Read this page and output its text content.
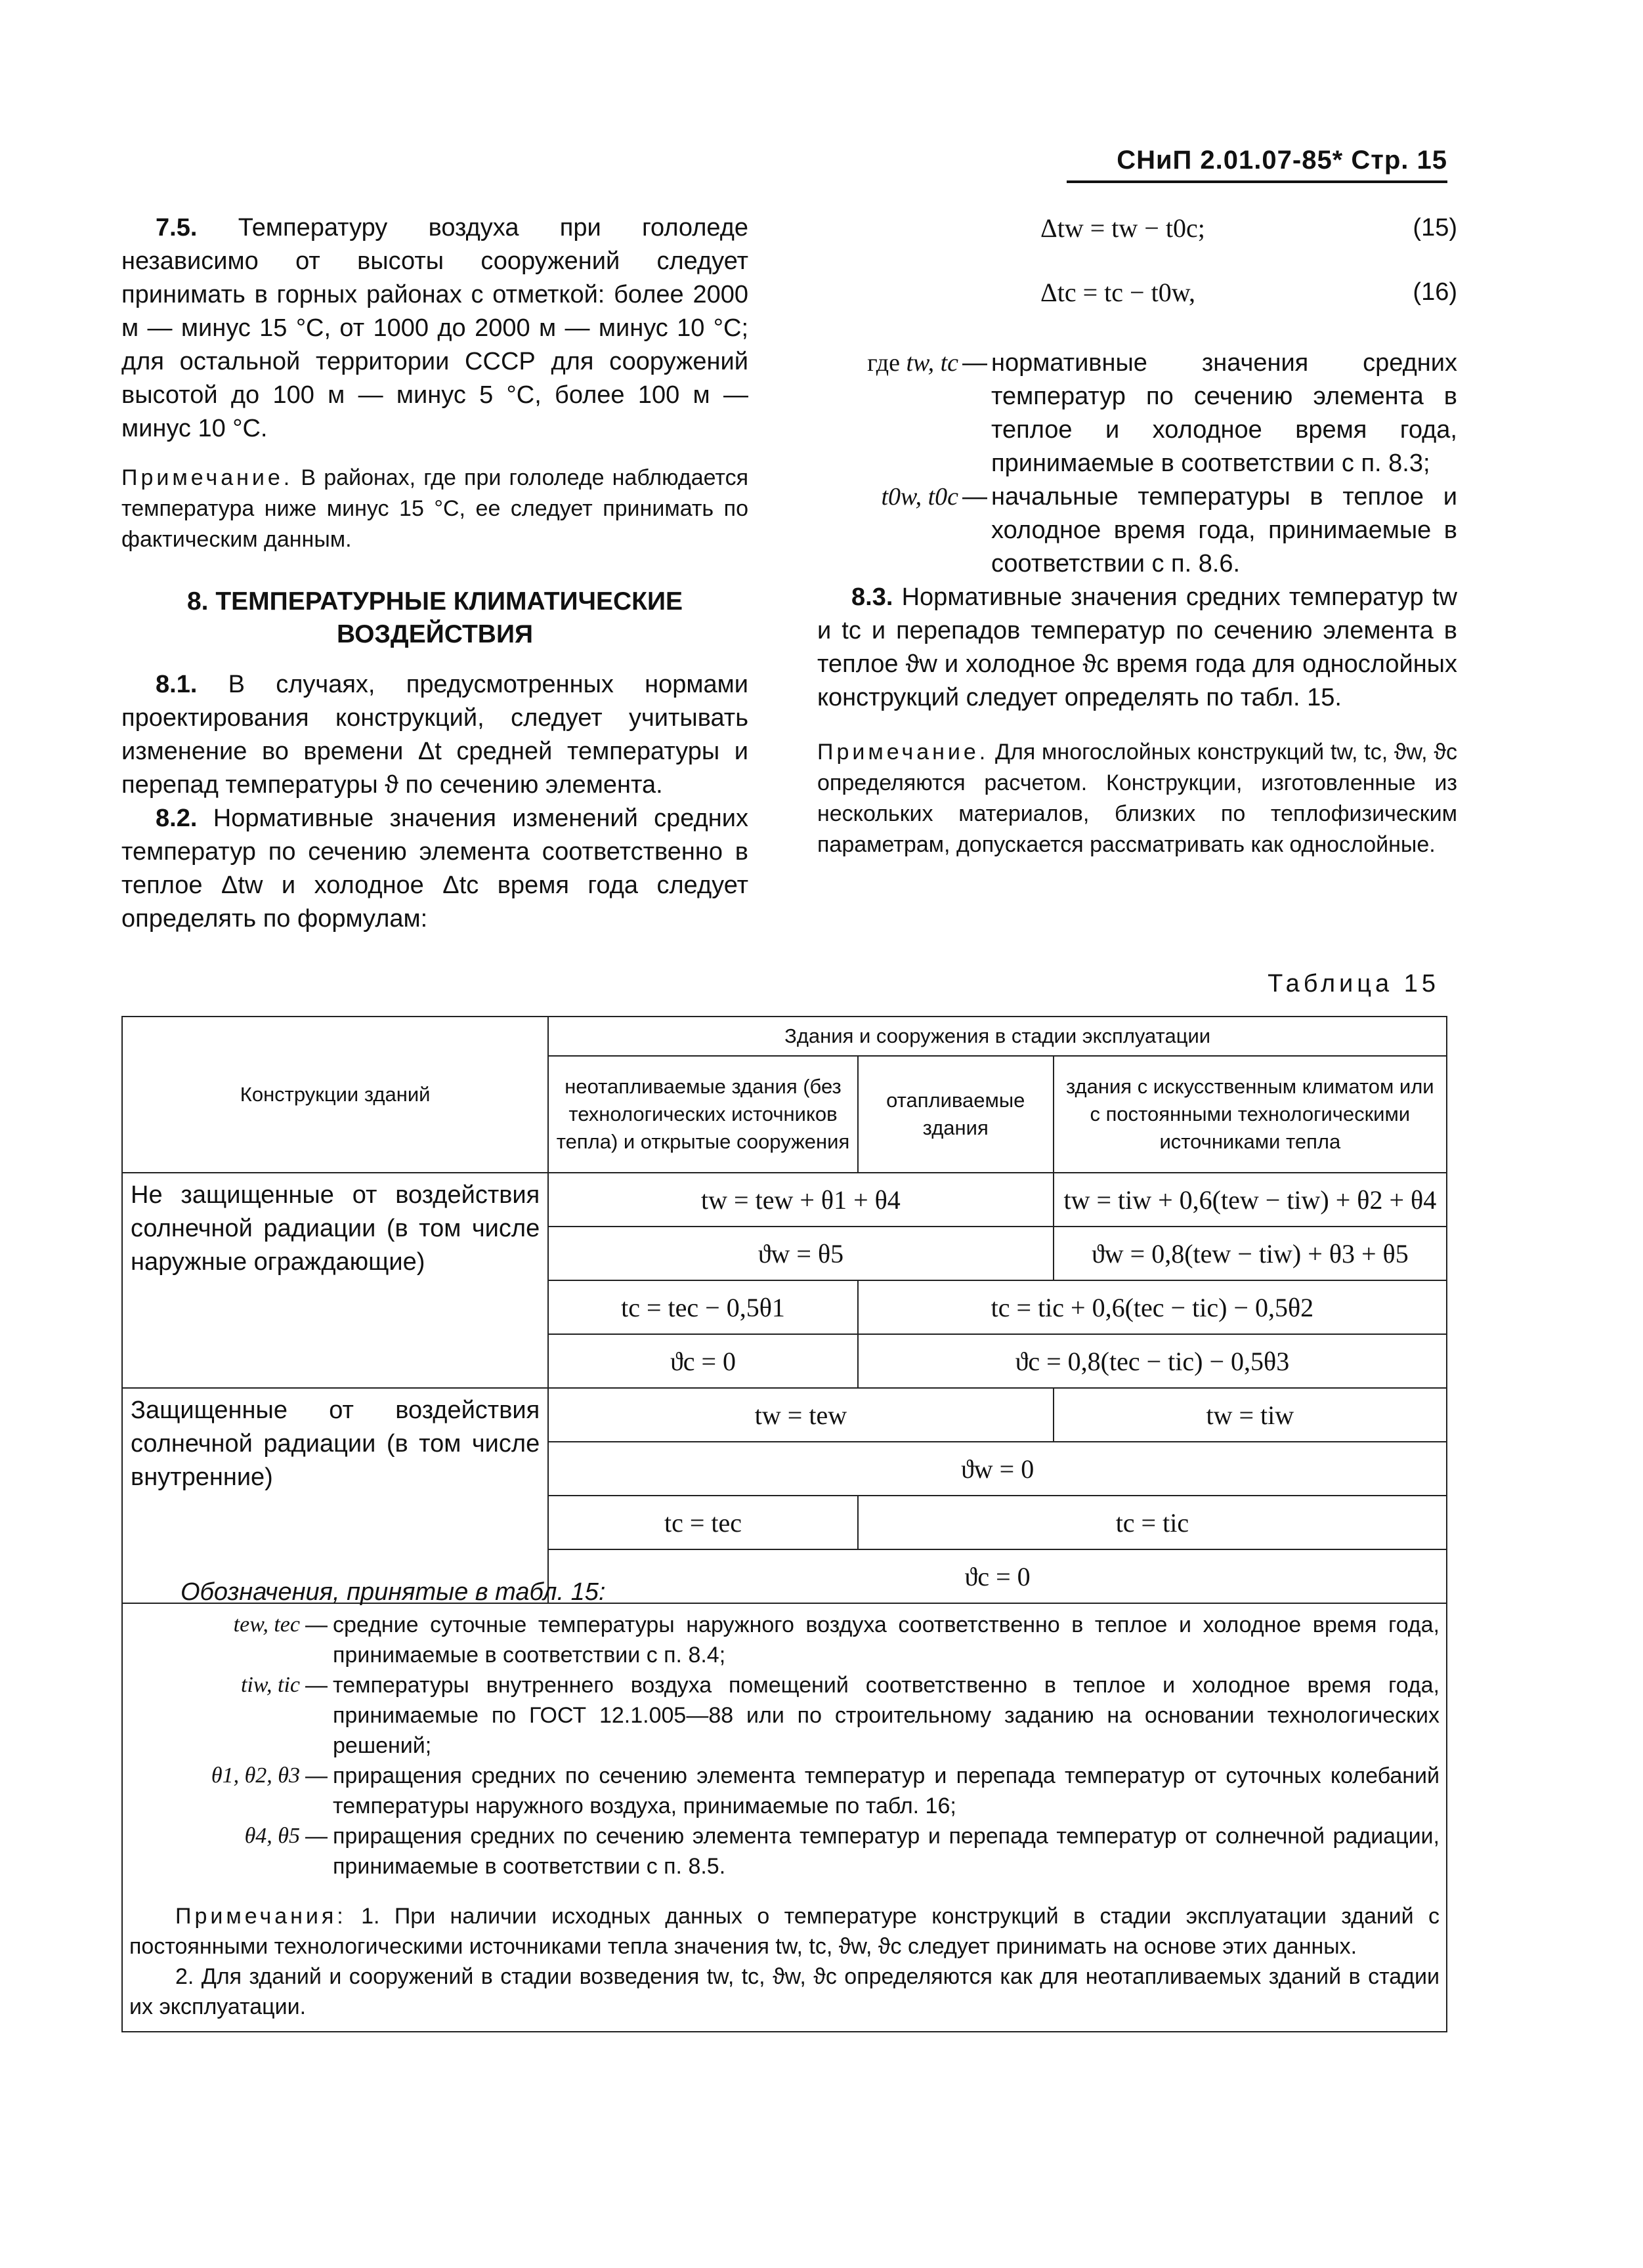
СНиП 2.01.07-85* Стр. 15

7.5. Температуру воздуха при гололеде независимо от высоты сооружений следует принимать в горных районах с отметкой: более 2000 м — минус 15 °С, от 1000 до 2000 м — минус 10 °С; для остальной территории СССР для сооружений высотой до 100 м — минус 5 °С, более 100 м — минус 10 °С.

Примечание. В районах, где при гололеде наблюдается температура ниже минус 15 °С, ее следует принимать по фактическим данным.

8. ТЕМПЕРАТУРНЫЕ КЛИМАТИЧЕСКИЕ
ВОЗДЕЙСТВИЯ

8.1. В случаях, предусмотренных нормами проектирования конструкций, следует учитывать изменение во времени Δt средней температуры и перепад температуры ϑ по сечению элемента.

8.2. Нормативные значения изменений средних температур по сечению элемента соответственно в теплое Δtw и холодное Δtc время года следует определять по формулам:

Δtw = tw − t0c;	(15)
Δtc = tc − t0w,	(16)
где tw, tc — нормативные значения средних температур по сечению элемента в теплое и холодное время года, принимаемые в соответствии с п. 8.3;
t0w, t0c — начальные температуры в теплое и холодное время года, принимаемые в соответствии с п. 8.6.

8.3. Нормативные значения средних температур tw и tc и перепадов температур по сечению элемента в теплое ϑw и холодное ϑc время года для однослойных конструкций следует определять по табл. 15.

Примечание. Для многослойных конструкций tw, tc, ϑw, ϑc определяются расчетом. Конструкции, изготовленные из нескольких материалов, близких по теплофизическим параметрам, допускается рассматривать как однослойные.

Таблица 15
Конструкции зданий	Здания и сооружения в стадии эксплуатации		
	неотапливаемые здания (без технологических источников тепла) и открытые сооружения	отапливаемые здания	здания с искусственным климатом или с постоянными технологическими источниками тепла
Не защищенные от воздействия солнечной радиации (в том числе наружные ограждающие)	tw = tew + θ1 + θ4		tw = tiw + 0,6(tew − tiw) + θ2 + θ4
	ϑw = θ5		ϑw = 0,8(tew − tiw) + θ3 + θ5
	tc = tec − 0,5θ1	tc = tic + 0,6(tec − tic) − 0,5θ2	
	ϑc = 0	ϑc = 0,8(tec − tic) − 0,5θ3	
Защищенные от воздействия солнечной радиации (в том числе внутренние)	tw = tew		tw = tiw
	ϑw = 0		
	tc = tec	tc = tic	
	ϑc = 0		
Обозначения, принятые в табл. 15:
tew, tec — средние суточные температуры наружного воздуха соответственно в теплое и холодное время года, принимаемые в соответствии с п. 8.4;
tiw, tic — температуры внутреннего воздуха помещений соответственно в теплое и холодное время года, принимаемые по ГОСТ 12.1.005—88 или по строительному заданию на основании технологических решений;
θ1, θ2, θ3 — приращения средних по сечению элемента температур и перепада температур от суточных колебаний температуры наружного воздуха, принимаемые по табл. 16;
θ4, θ5 — приращения средних по сечению элемента температур и перепада температур от солнечной радиации, принимаемые в соответствии с п. 8.5.

Примечания: 1. При наличии исходных данных о температуре конструкций в стадии эксплуатации зданий с постоянными технологическими источниками тепла значения tw, tc, ϑw, ϑc следует принимать на основе этих данных.

2. Для зданий и сооружений в стадии возведения tw, tc, ϑw, ϑc определяются как для неотапливаемых зданий в стадии их эксплуатации.
